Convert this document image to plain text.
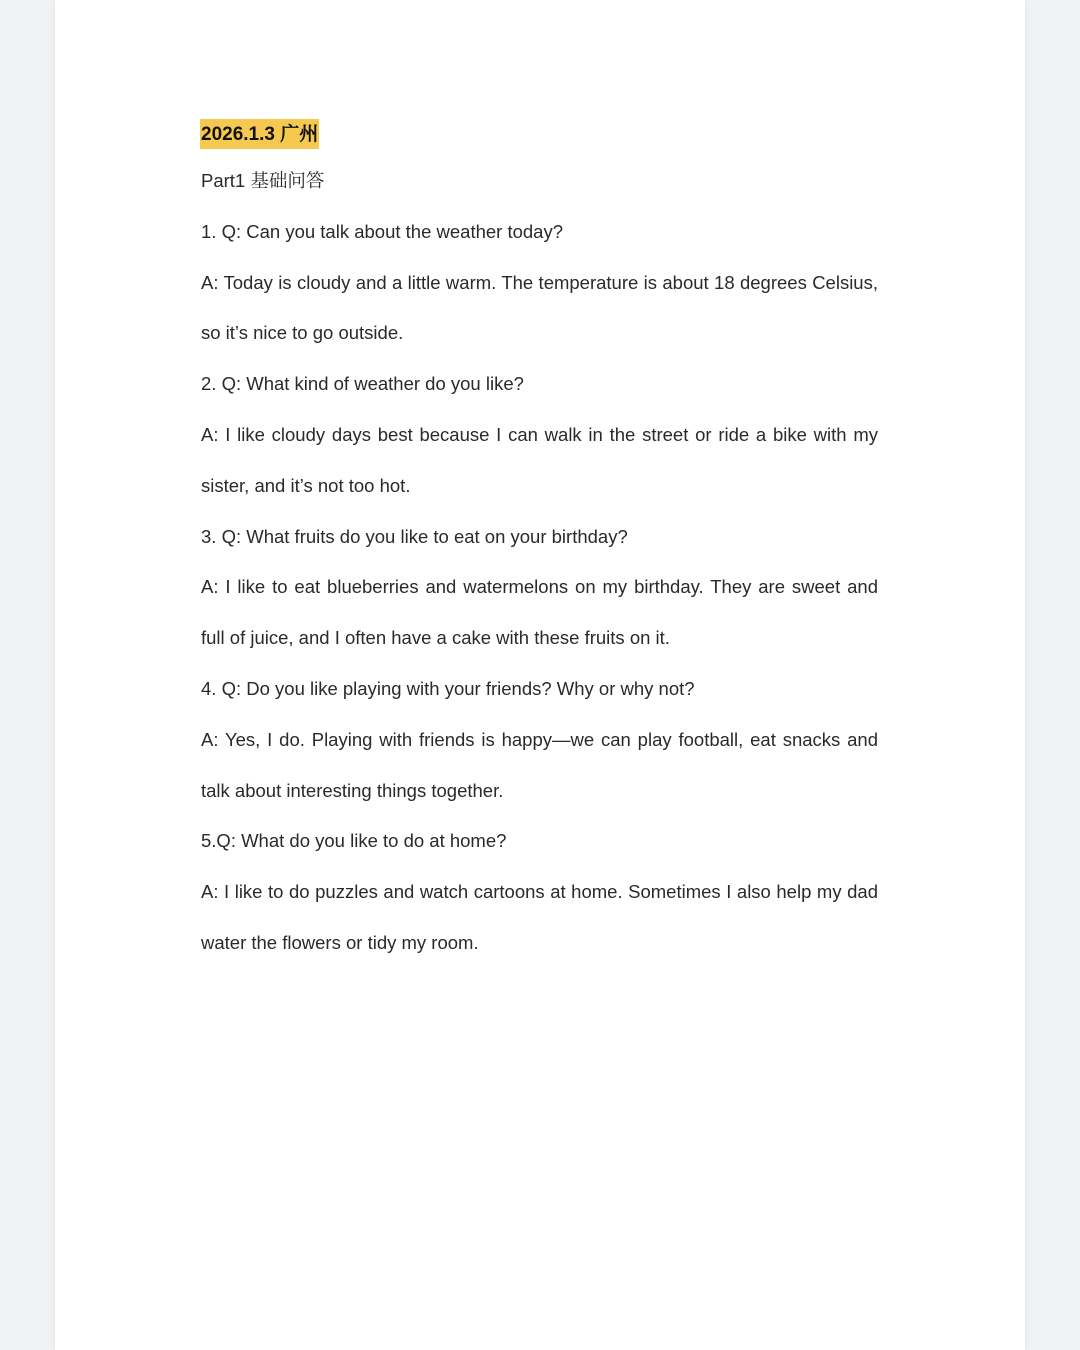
2026.1.3 广州
Part1 基础问答
1. Q: Can you talk about the weather today?
A: Today is cloudy and a little warm. The temperature is about 18 degrees Celsius,
so it’s nice to go outside.
2. Q: What kind of weather do you like?
A: I like cloudy days best because I can walk in the street or ride a bike with my
sister, and it’s not too hot.
3. Q: What fruits do you like to eat on your birthday?
A: I like to eat blueberries and watermelons on my birthday. They are sweet and
full of juice, and I often have a cake with these fruits on it.
4. Q: Do you like playing with your friends? Why or why not?
A: Yes, I do. Playing with friends is happy—we can play football, eat snacks and
talk about interesting things together.
5.Q: What do you like to do at home?
A: I like to do puzzles and watch cartoons at home. Sometimes I also help my dad
water the flowers or tidy my room.
